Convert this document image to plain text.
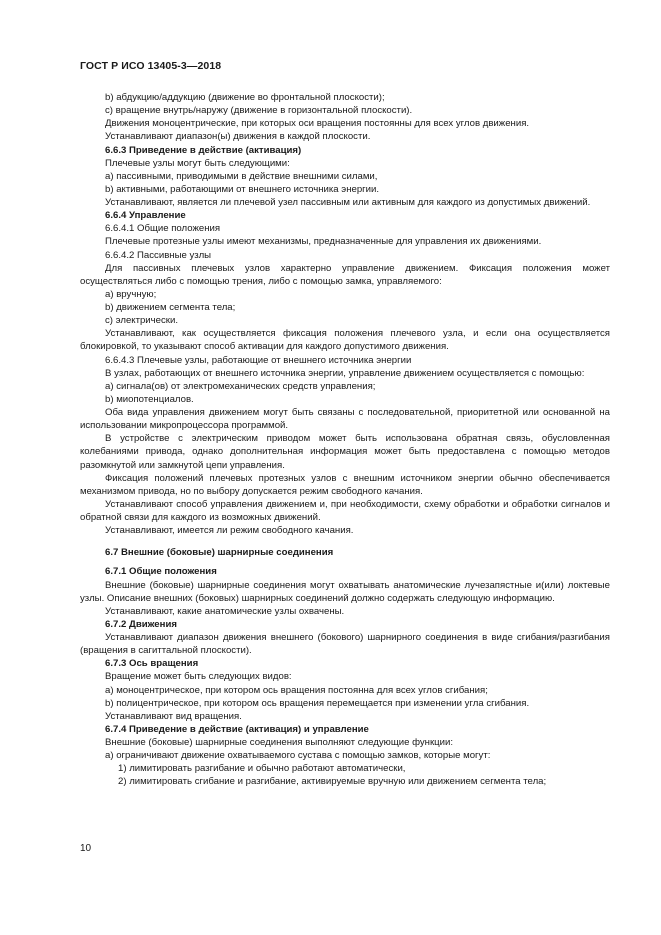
ГОСТ Р ИСО 13405-3—2018

b) абдукцию/аддукцию (движение во фронтальной плоскости);

с) вращение внутрь/наружу (движение в горизонтальной плоскости).

Движения моноцентрические, при которых оси вращения постоянны для всех углов движения.

Устанавливают диапазон(ы) движения в каждой плоскости.

6.6.3 Приведение в действие (активация)

Плечевые узлы могут быть следующими:

а) пассивными, приводимыми в действие внешними силами,

b) активными, работающими от внешнего источника энергии.

Устанавливают, является ли плечевой узел пассивным или активным для каждого из допустимых движений.

6.6.4 Управление

6.6.4.1 Общие положения

Плечевые протезные узлы имеют механизмы, предназначенные для управления их движениями.

6.6.4.2 Пассивные узлы

Для пассивных плечевых узлов характерно управление движением. Фиксация положения может осуществляться либо с помощью трения, либо с помощью замка, управляемого:

а) вручную;

b) движением сегмента тела;

с) электрически.

Устанавливают, как осуществляется фиксация положения плечевого узла, и если она осуществляется блокировкой, то указывают способ активации для каждого допустимого движения.

6.6.4.3 Плечевые узлы, работающие от внешнего источника энергии

В узлах, работающих от внешнего источника энергии, управление движением осуществляется с помощью:

а) сигнала(ов) от электромеханических средств управления;

b) миопотенциалов.

Оба вида управления движением могут быть связаны с последовательной, приоритетной или основанной на использовании микропроцессора программой.

В устройстве с электрическим приводом может быть использована обратная связь, обусловленная колебаниями привода, однако дополнительная информация может быть предоставлена с помощью методов разомкнутой или замкнутой цепи управления.

Фиксация положений плечевых протезных узлов с внешним источником энергии обычно обеспечивается механизмом привода, но по выбору допускается режим свободного качания.

Устанавливают способ управления движением и, при необходимости, схему обработки и обработки сигналов и обратной связи для каждого из возможных движений.

Устанавливают, имеется ли режим свободного качания.

6.7 Внешние (боковые) шарнирные соединения

6.7.1 Общие положения

Внешние (боковые) шарнирные соединения могут охватывать анатомические лучезапястные и(или) локтевые узлы. Описание внешних (боковых) шарнирных соединений должно содержать следующую информацию.

Устанавливают, какие анатомические узлы охвачены.

6.7.2 Движения

Устанавливают диапазон движения внешнего (бокового) шарнирного соединения в виде сгибания/разгибания (вращения в сагиттальной плоскости).

6.7.3 Ось вращения

Вращение может быть следующих видов:

а) моноцентрическое, при котором ось вращения постоянна для всех углов сгибания;

b) полицентрическое, при котором ось вращения перемещается при изменении угла сгибания.

Устанавливают вид вращения.

6.7.4 Приведение в действие (активация) и управление

Внешние (боковые) шарнирные соединения выполняют следующие функции:

а) ограничивают движение охватываемого сустава с помощью замков, которые могут:

1) лимитировать разгибание и обычно работают автоматически,

2) лимитировать сгибание и разгибание, активируемые вручную или движением сегмента тела;

10
